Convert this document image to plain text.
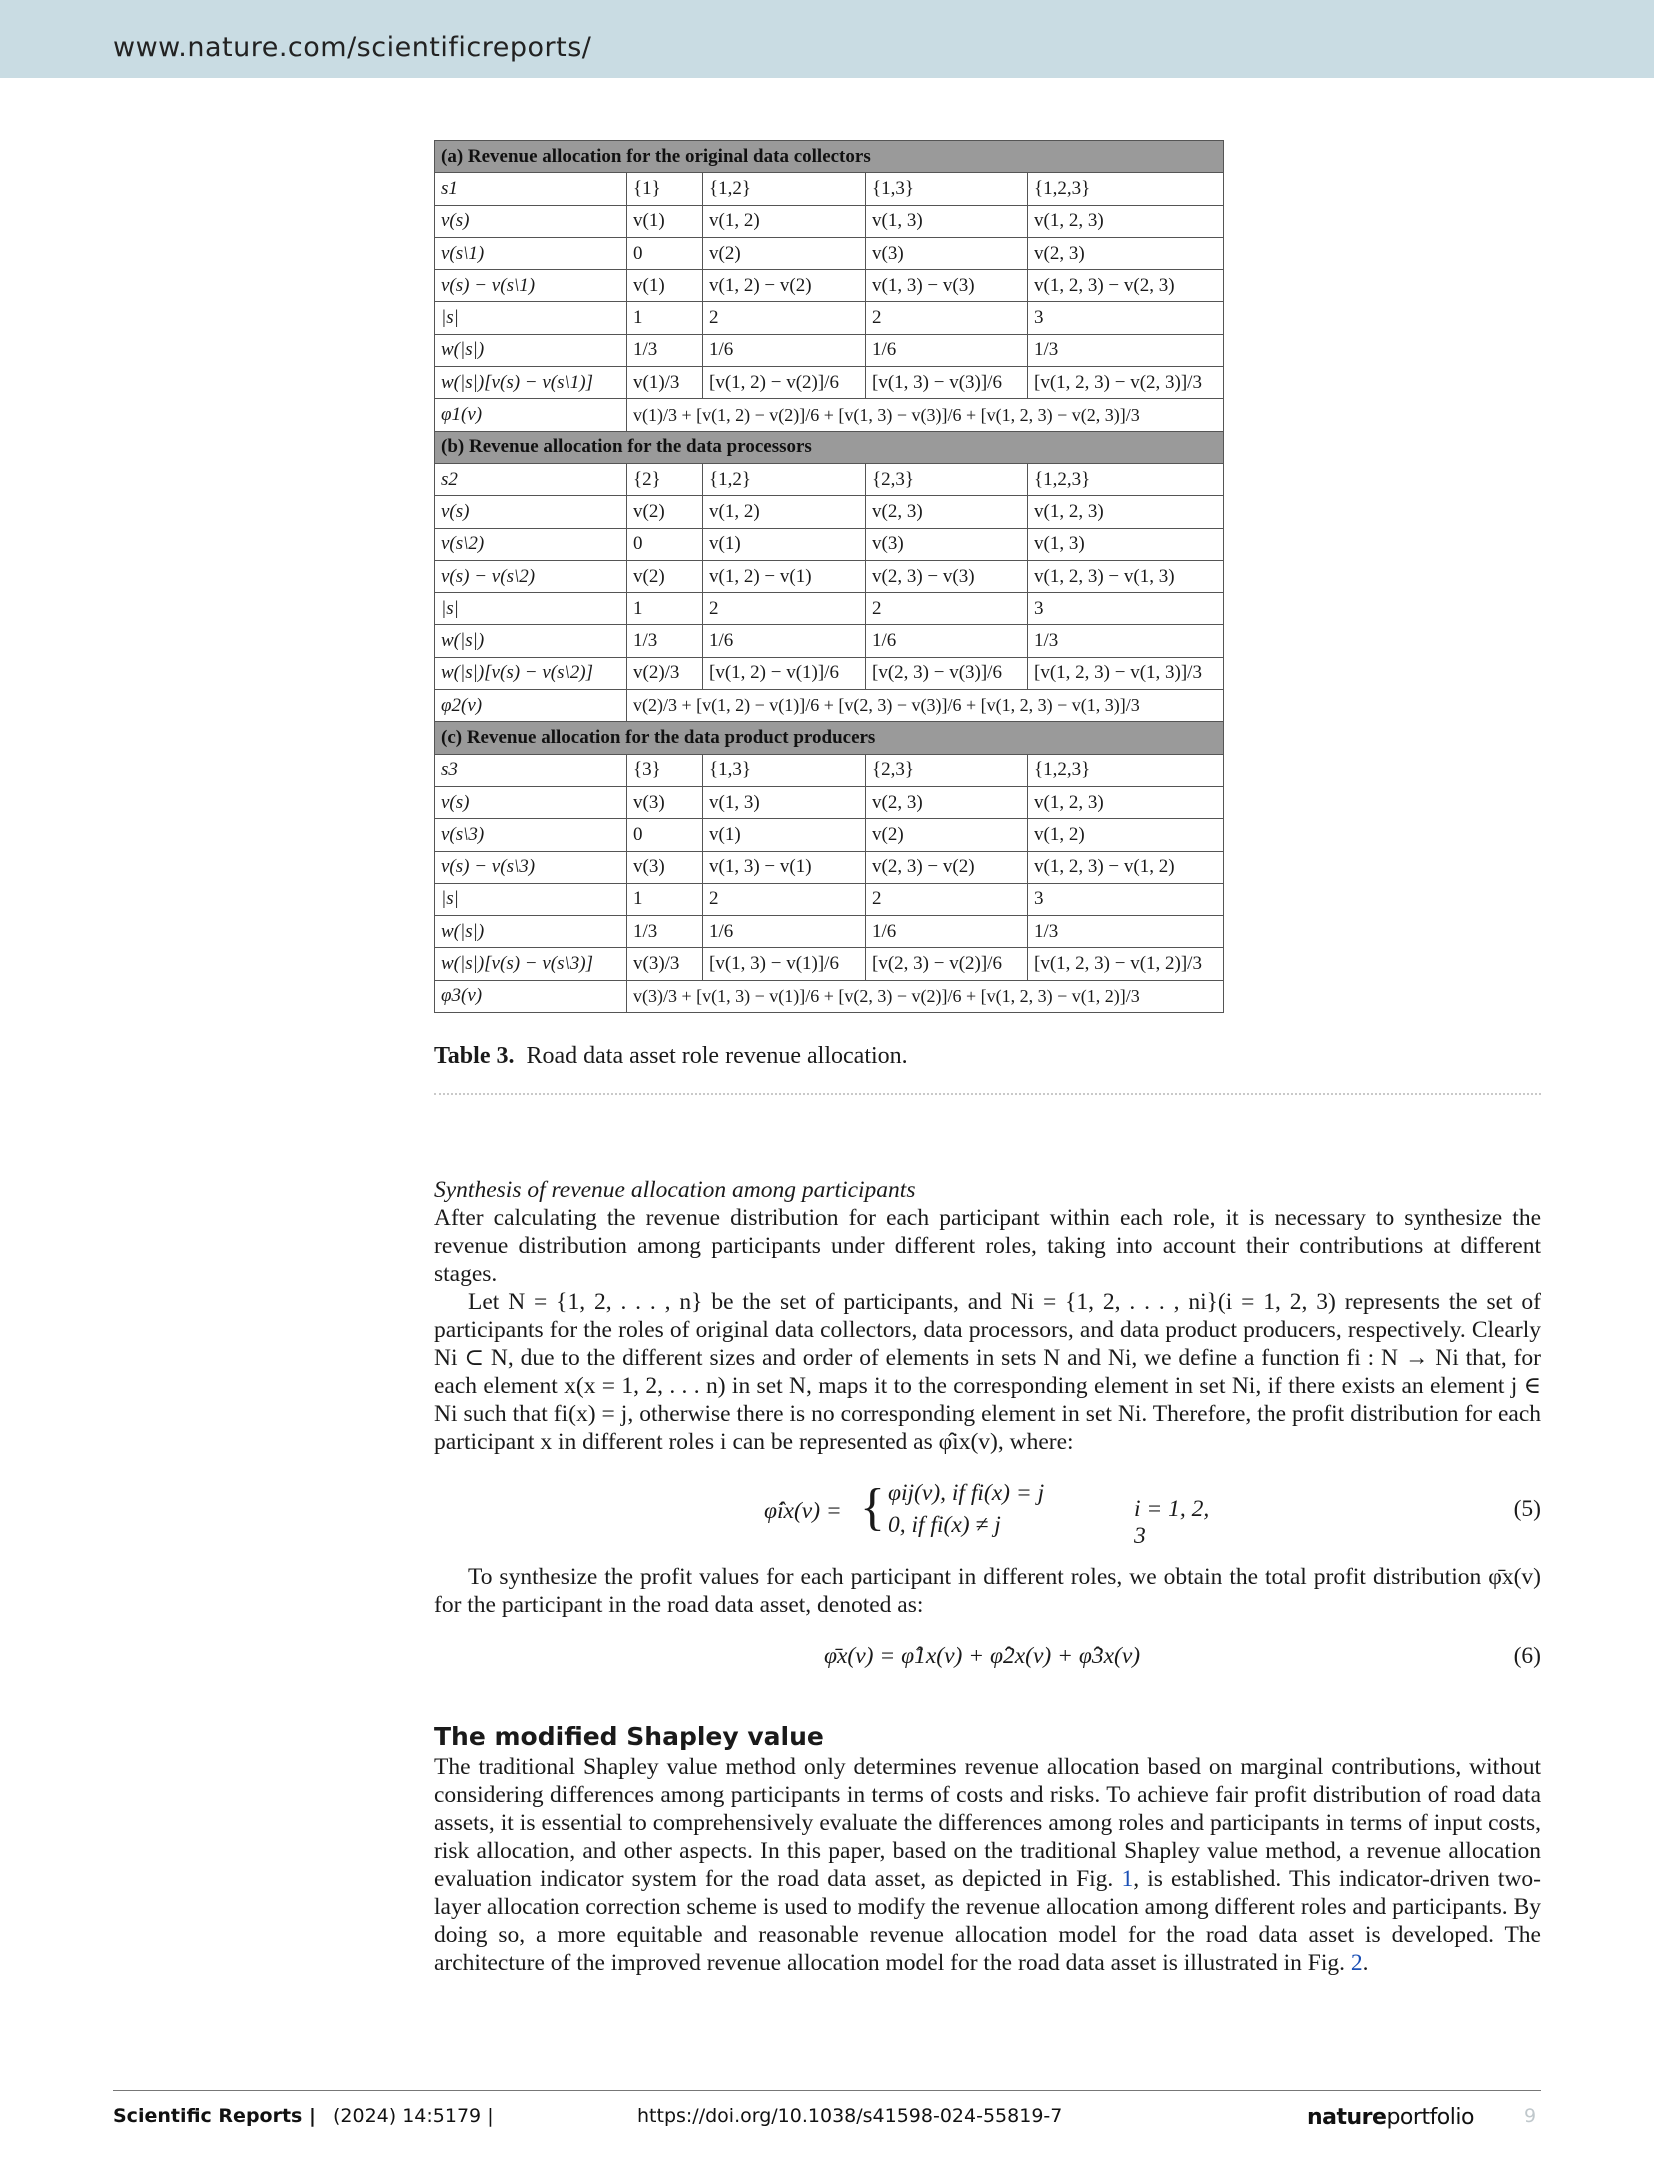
www.nature.com/scientificreports/
(a) Revenue allocation for the original data collectors				
s1	{1}	{1,2}	{1,3}	{1,2,3}
v(s)	v(1)	v(1, 2)	v(1, 3)	v(1, 2, 3)
v(s\1)	0	v(2)	v(3)	v(2, 3)
v(s) − v(s\1)	v(1)	v(1, 2) − v(2)	v(1, 3) − v(3)	v(1, 2, 3) − v(2, 3)
|s|	1	2	2	3
w(|s|)	1/3	1/6	1/6	1/3
w(|s|)[v(s) − v(s\1)]	v(1)/3	[v(1, 2) − v(2)]/6	[v(1, 3) − v(3)]/6	[v(1, 2, 3) − v(2, 3)]/3
φ1(v)	v(1)/3 + [v(1, 2) − v(2)]/6 + [v(1, 3) − v(3)]/6 + [v(1, 2, 3) − v(2, 3)]/3			
(b) Revenue allocation for the data processors				
s2	{2}	{1,2}	{2,3}	{1,2,3}
v(s)	v(2)	v(1, 2)	v(2, 3)	v(1, 2, 3)
v(s\2)	0	v(1)	v(3)	v(1, 3)
v(s) − v(s\2)	v(2)	v(1, 2) − v(1)	v(2, 3) − v(3)	v(1, 2, 3) − v(1, 3)
|s|	1	2	2	3
w(|s|)	1/3	1/6	1/6	1/3
w(|s|)[v(s) − v(s\2)]	v(2)/3	[v(1, 2) − v(1)]/6	[v(2, 3) − v(3)]/6	[v(1, 2, 3) − v(1, 3)]/3
φ2(v)	v(2)/3 + [v(1, 2) − v(1)]/6 + [v(2, 3) − v(3)]/6 + [v(1, 2, 3) − v(1, 3)]/3			
(c) Revenue allocation for the data product producers				
s3	{3}	{1,3}	{2,3}	{1,2,3}
v(s)	v(3)	v(1, 3)	v(2, 3)	v(1, 2, 3)
v(s\3)	0	v(1)	v(2)	v(1, 2)
v(s) − v(s\3)	v(3)	v(1, 3) − v(1)	v(2, 3) − v(2)	v(1, 2, 3) − v(1, 2)
|s|	1	2	2	3
w(|s|)	1/3	1/6	1/6	1/3
w(|s|)[v(s) − v(s\3)]	v(3)/3	[v(1, 3) − v(1)]/6	[v(2, 3) − v(2)]/6	[v(1, 2, 3) − v(1, 2)]/3
φ3(v)	v(3)/3 + [v(1, 3) − v(1)]/6 + [v(2, 3) − v(2)]/6 + [v(1, 2, 3) − v(1, 2)]/3			
Table 3. Road data asset role revenue allocation.
Synthesis of revenue allocation among participants
After calculating the revenue distribution for each participant within each role, it is necessary to synthesize the revenue distribution among participants under different roles, taking into account their contributions at different stages.
Let N = {1, 2, . . . , n} be the set of participants, and Ni = {1, 2, . . . , ni}(i = 1, 2, 3) represents the set of participants for the roles of original data collectors, data processors, and data product producers, respectively. Clearly Ni ⊂ N, due to the different sizes and order of elements in sets N and Ni, we define a function fi : N → Ni that, for each element x(x = 1, 2, . . . n) in set N, maps it to the corresponding element in set Ni, if there exists an element j ∈ Ni such that fi(x) = j, otherwise there is no corresponding element in set Ni. Therefore, the profit distribution for each participant x in different roles i can be represented as φ̂ix(v), where:
φ̂ix(v) = { φij(v), if fi(x) = j
0, if fi(x) ≠ j
i = 1, 2, 3
(5)
To synthesize the profit values for each participant in different roles, we obtain the total profit distribution φ̄x(v) for the participant in the road data asset, denoted as:
φ̄x(v) = φ̂1x(v) + φ̂2x(v) + φ̂3x(v)	(6)
The modified Shapley value
The traditional Shapley value method only determines revenue allocation based on marginal contributions, without considering differences among participants in terms of costs and risks. To achieve fair profit distribution of road data assets, it is essential to comprehensively evaluate the differences among roles and participants in terms of input costs, risk allocation, and other aspects. In this paper, based on the traditional Shapley value method, a revenue allocation evaluation indicator system for the road data asset, as depicted in Fig. 1, is established. This indicator-driven two-layer allocation correction scheme is used to modify the revenue allocation among different roles and participants. By doing so, a more equitable and reasonable revenue allocation model for the road data asset is developed. The architecture of the improved revenue allocation model for the road data asset is illustrated in Fig. 2.
Scientific Reports | (2024) 14:5179 |	https://doi.org/10.1038/s41598-024-55819-7	natureportfolio	9
